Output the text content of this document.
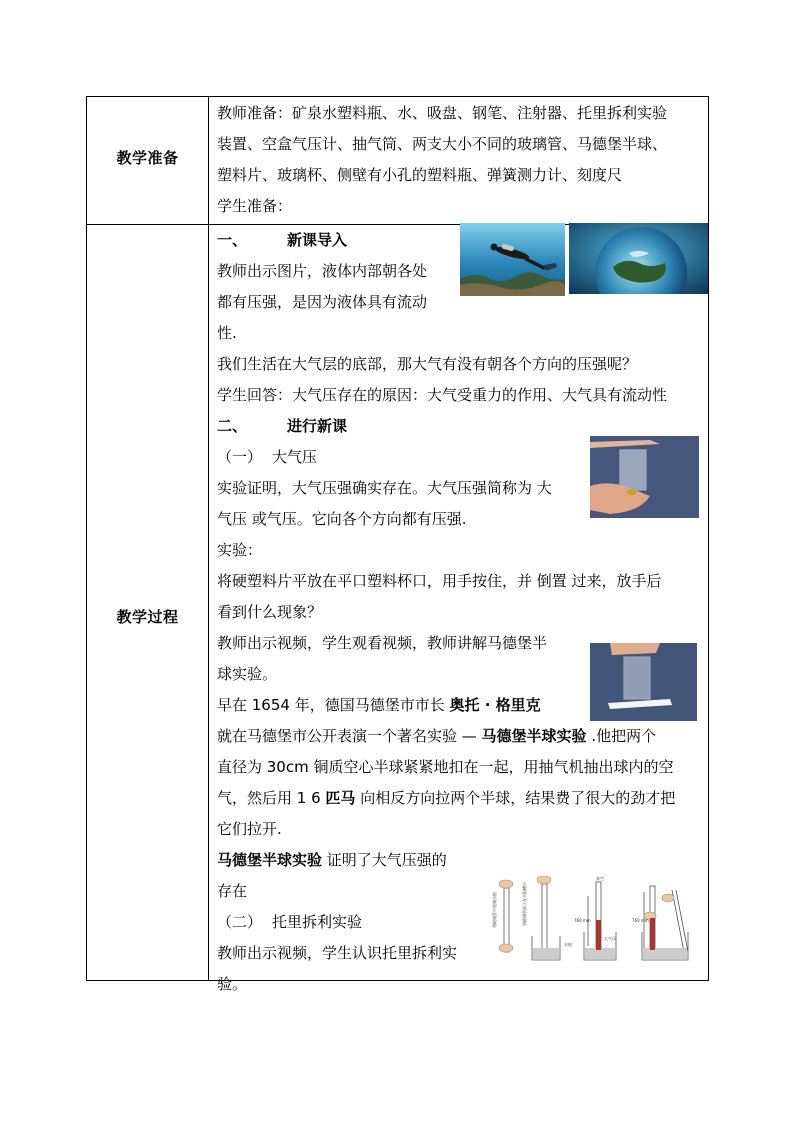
教学准备
教师准备：矿泉水塑料瓶、水、吸盘、钢笔、注射器、托里拆利实验
装置、空盒气压计、抽气筒、两支大小不同的玻璃管、马德堡半球、
塑料片、玻璃杯、侧壁有小孔的塑料瓶、弹簧测力计、刻度尺
学生准备：
教学过程
一、	新课导入
教师出示图片，液体内部朝各处
都有压强，是因为液体具有流动
性.
我们生活在大气层的底部，那大气有没有朝各个方向的压强呢？
学生回答：大气压存在的原因：大气受重力的作用、大气具有流动性
二、	进行新课
（一） 大气压
实验证明，大气压强确实存在。大气压强简称为 大
气压 或气压。它向各个方向都有压强.
实验：
将硬塑料片平放在平口塑料杯口，用手按住，并 倒置 过来，放手后
看到什么现象？
教师出示视频，学生观看视频，教师讲解马德堡半
球实验。
早在 1654 年，德国马德堡市市长 奥托 · 格里克
就在马德堡市公开表演一个著名实验 — 马德堡半球实验 .他把两个
直径为 30cm 铜质空心半球紧紧地扣在一起，用抽气机抽出球内的空
气，然后用 1 6 匹马 向相反方向拉两个半球，结果费了很大的劲才把
它们拉开.
马德堡半球实验 证明了大气压强的
存在
（二） 托里拆利实验
教师出示视频，学生认识托里拆利实
验。
将玻璃管中装满水银	将玻璃管倒立在水银槽中
水银
真空
760 mm	760 mm
大气压
